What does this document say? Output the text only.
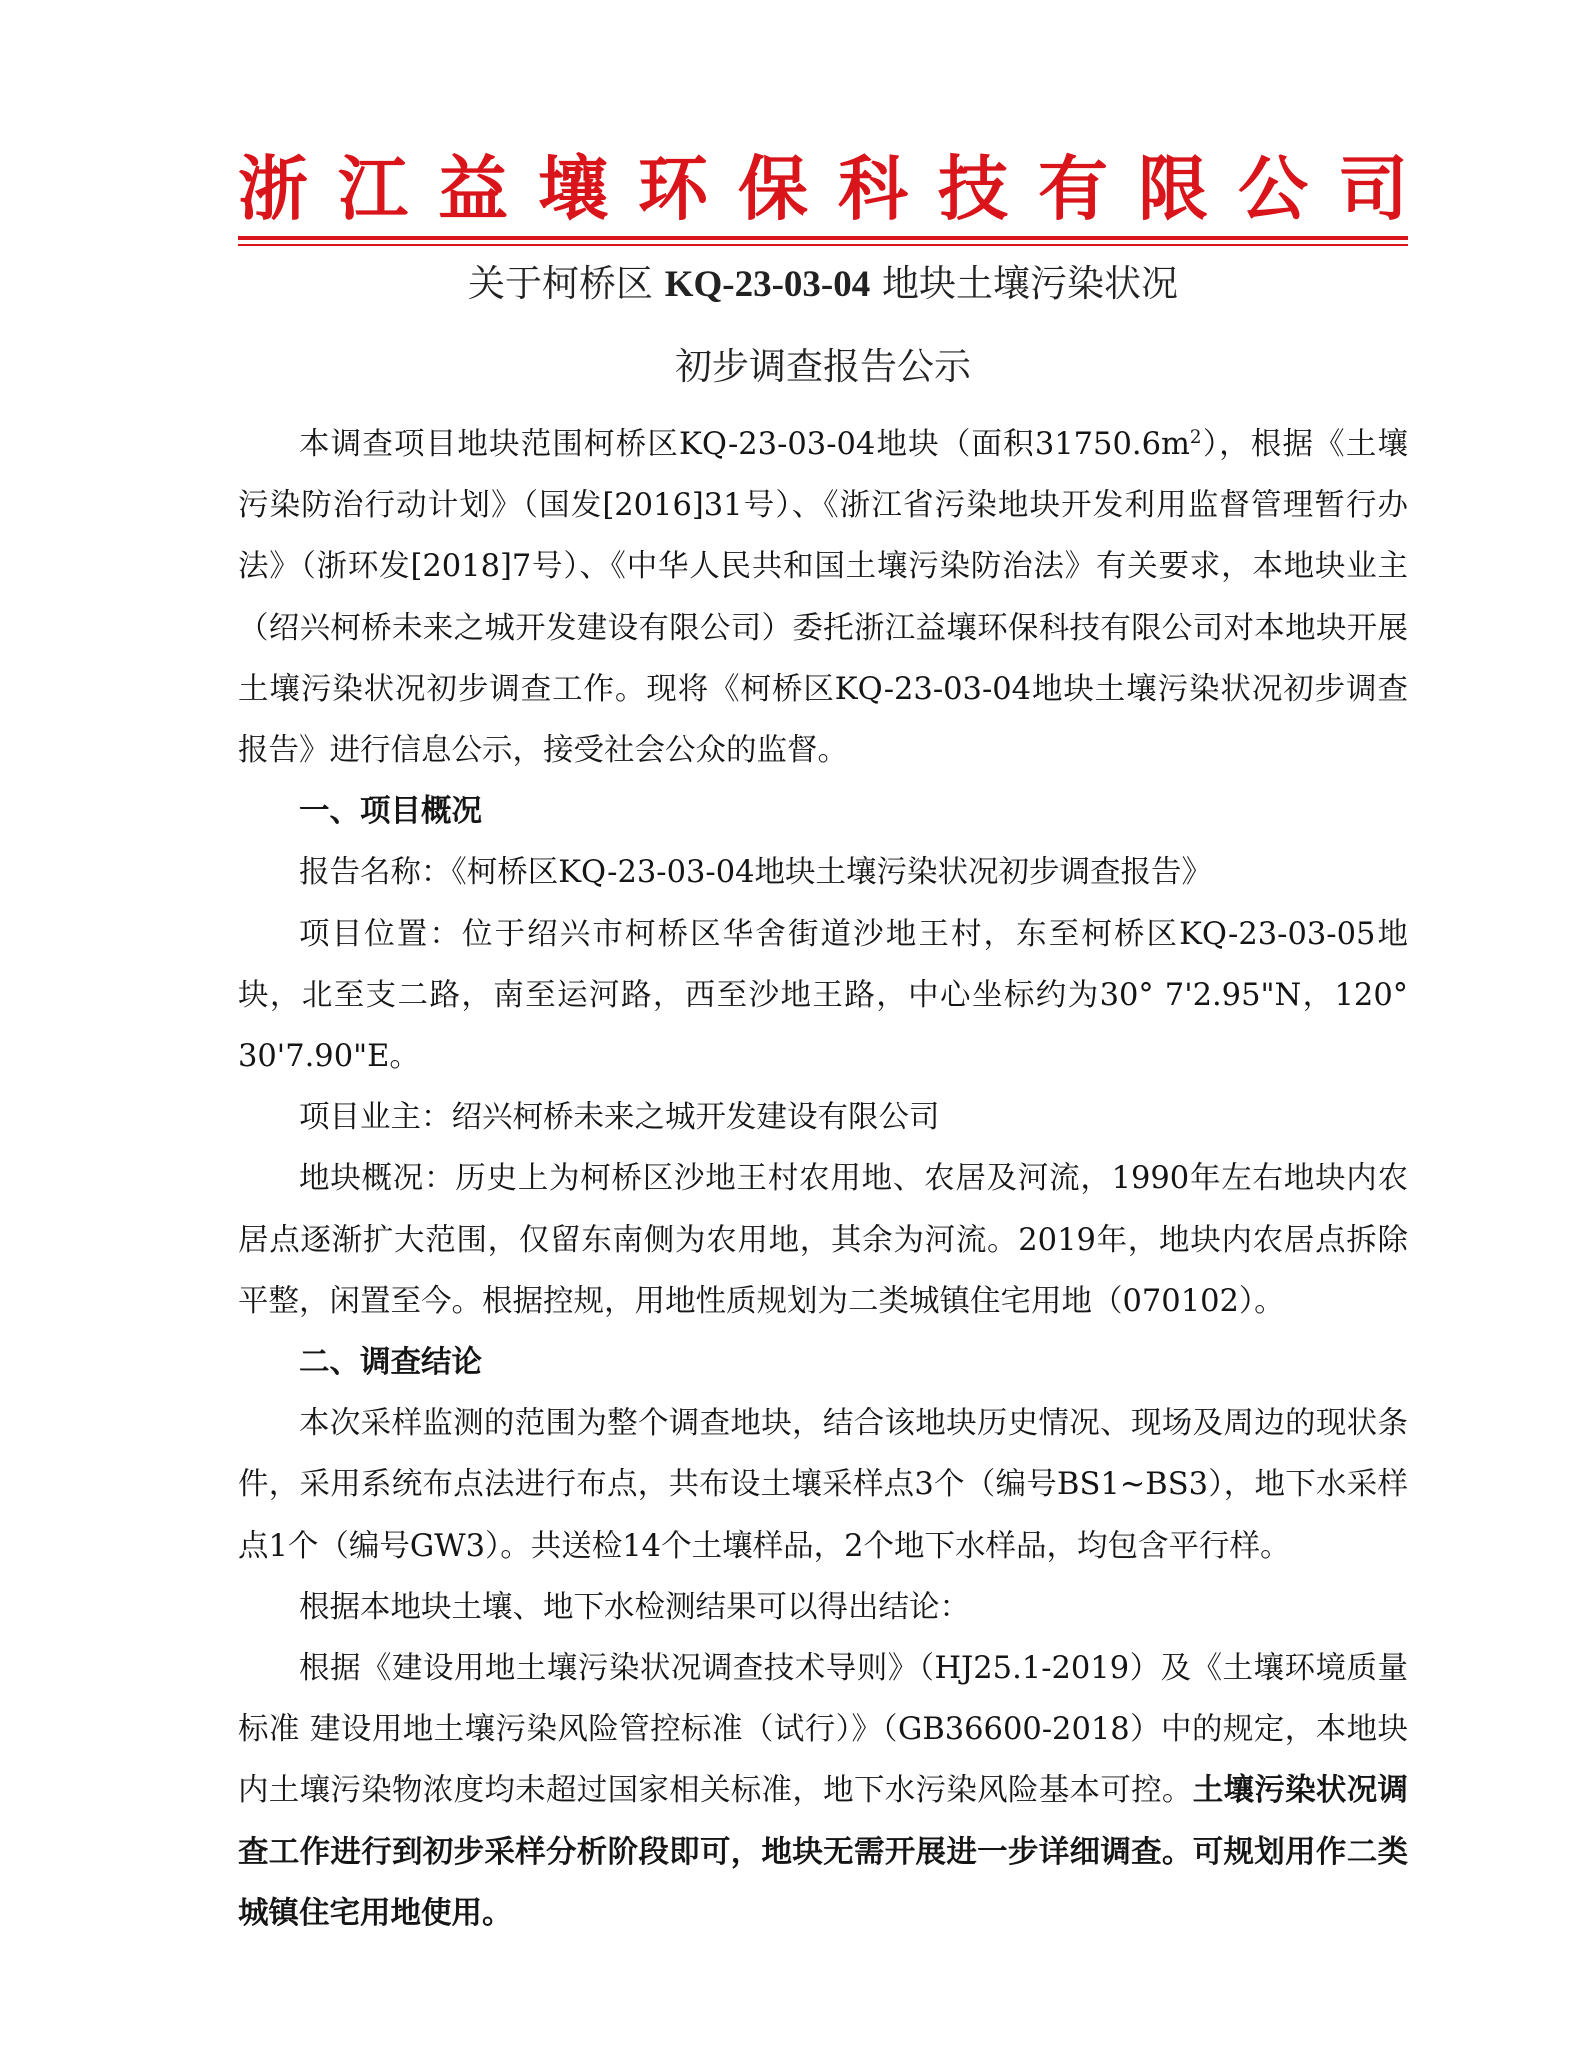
浙 江 益 壤 环 保 科 技 有 限 公 司
关于柯桥区 KQ-23-03-04 地块土壤污染状况
初步调查报告公示

本调查项目地块范围柯桥区KQ-23-03-04地块（面积$31750.6m^2$），根据《土壤污染防治行动计划》（国发[2016]31号）、《浙江省污染地块开发利用监督管理暂行办法》（浙环发[2018]7号）、《中华人民共和国土壤污染防治法》有关要求，本地块业主（绍兴柯桥未来之城开发建设有限公司）委托浙江益壤环保科技有限公司对本地块开展土壤污染状况初步调查工作。现将《柯桥区KQ-23-03-04地块土壤污染状况初步调查报告》进行信息公示，接受社会公众的监督。

一、项目概况

报告名称：《柯桥区KQ-23-03-04地块土壤污染状况初步调查报告》

项目位置：位于绍兴市柯桥区华舍街道沙地王村，东至柯桥区KQ-23-03-05地块，北至支二路，南至运河路，西至沙地王路，中心坐标约为30° 7'2.95"N，120° 30'7.90"E。

项目业主：绍兴柯桥未来之城开发建设有限公司

地块概况：历史上为柯桥区沙地王村农用地、农居及河流，1990年左右地块内农居点逐渐扩大范围，仅留东南侧为农用地，其余为河流。2019年，地块内农居点拆除平整，闲置至今。根据控规，用地性质规划为二类城镇住宅用地（070102）。

二、调查结论

本次采样监测的范围为整个调查地块，结合该地块历史情况、现场及周边的现状条件，采用系统布点法进行布点，共布设土壤采样点3个（编号BS1~BS3），地下水采样点1个（编号GW3）。共送检14个土壤样品，2个地下水样品，均包含平行样。

根据本地块土壤、地下水检测结果可以得出结论：

根据《建设用地土壤污染状况调查技术导则》（HJ25.1-2019）及《土壤环境质量标准 建设用地土壤污染风险管控标准（试行）》（GB36600-2018）中的规定，本地块内土壤污染物浓度均未超过国家相关标准，地下水污染风险基本可控。土壤污染状况调查工作进行到初步采样分析阶段即可，地块无需开展进一步详细调查。可规划用作二类城镇住宅用地使用。
